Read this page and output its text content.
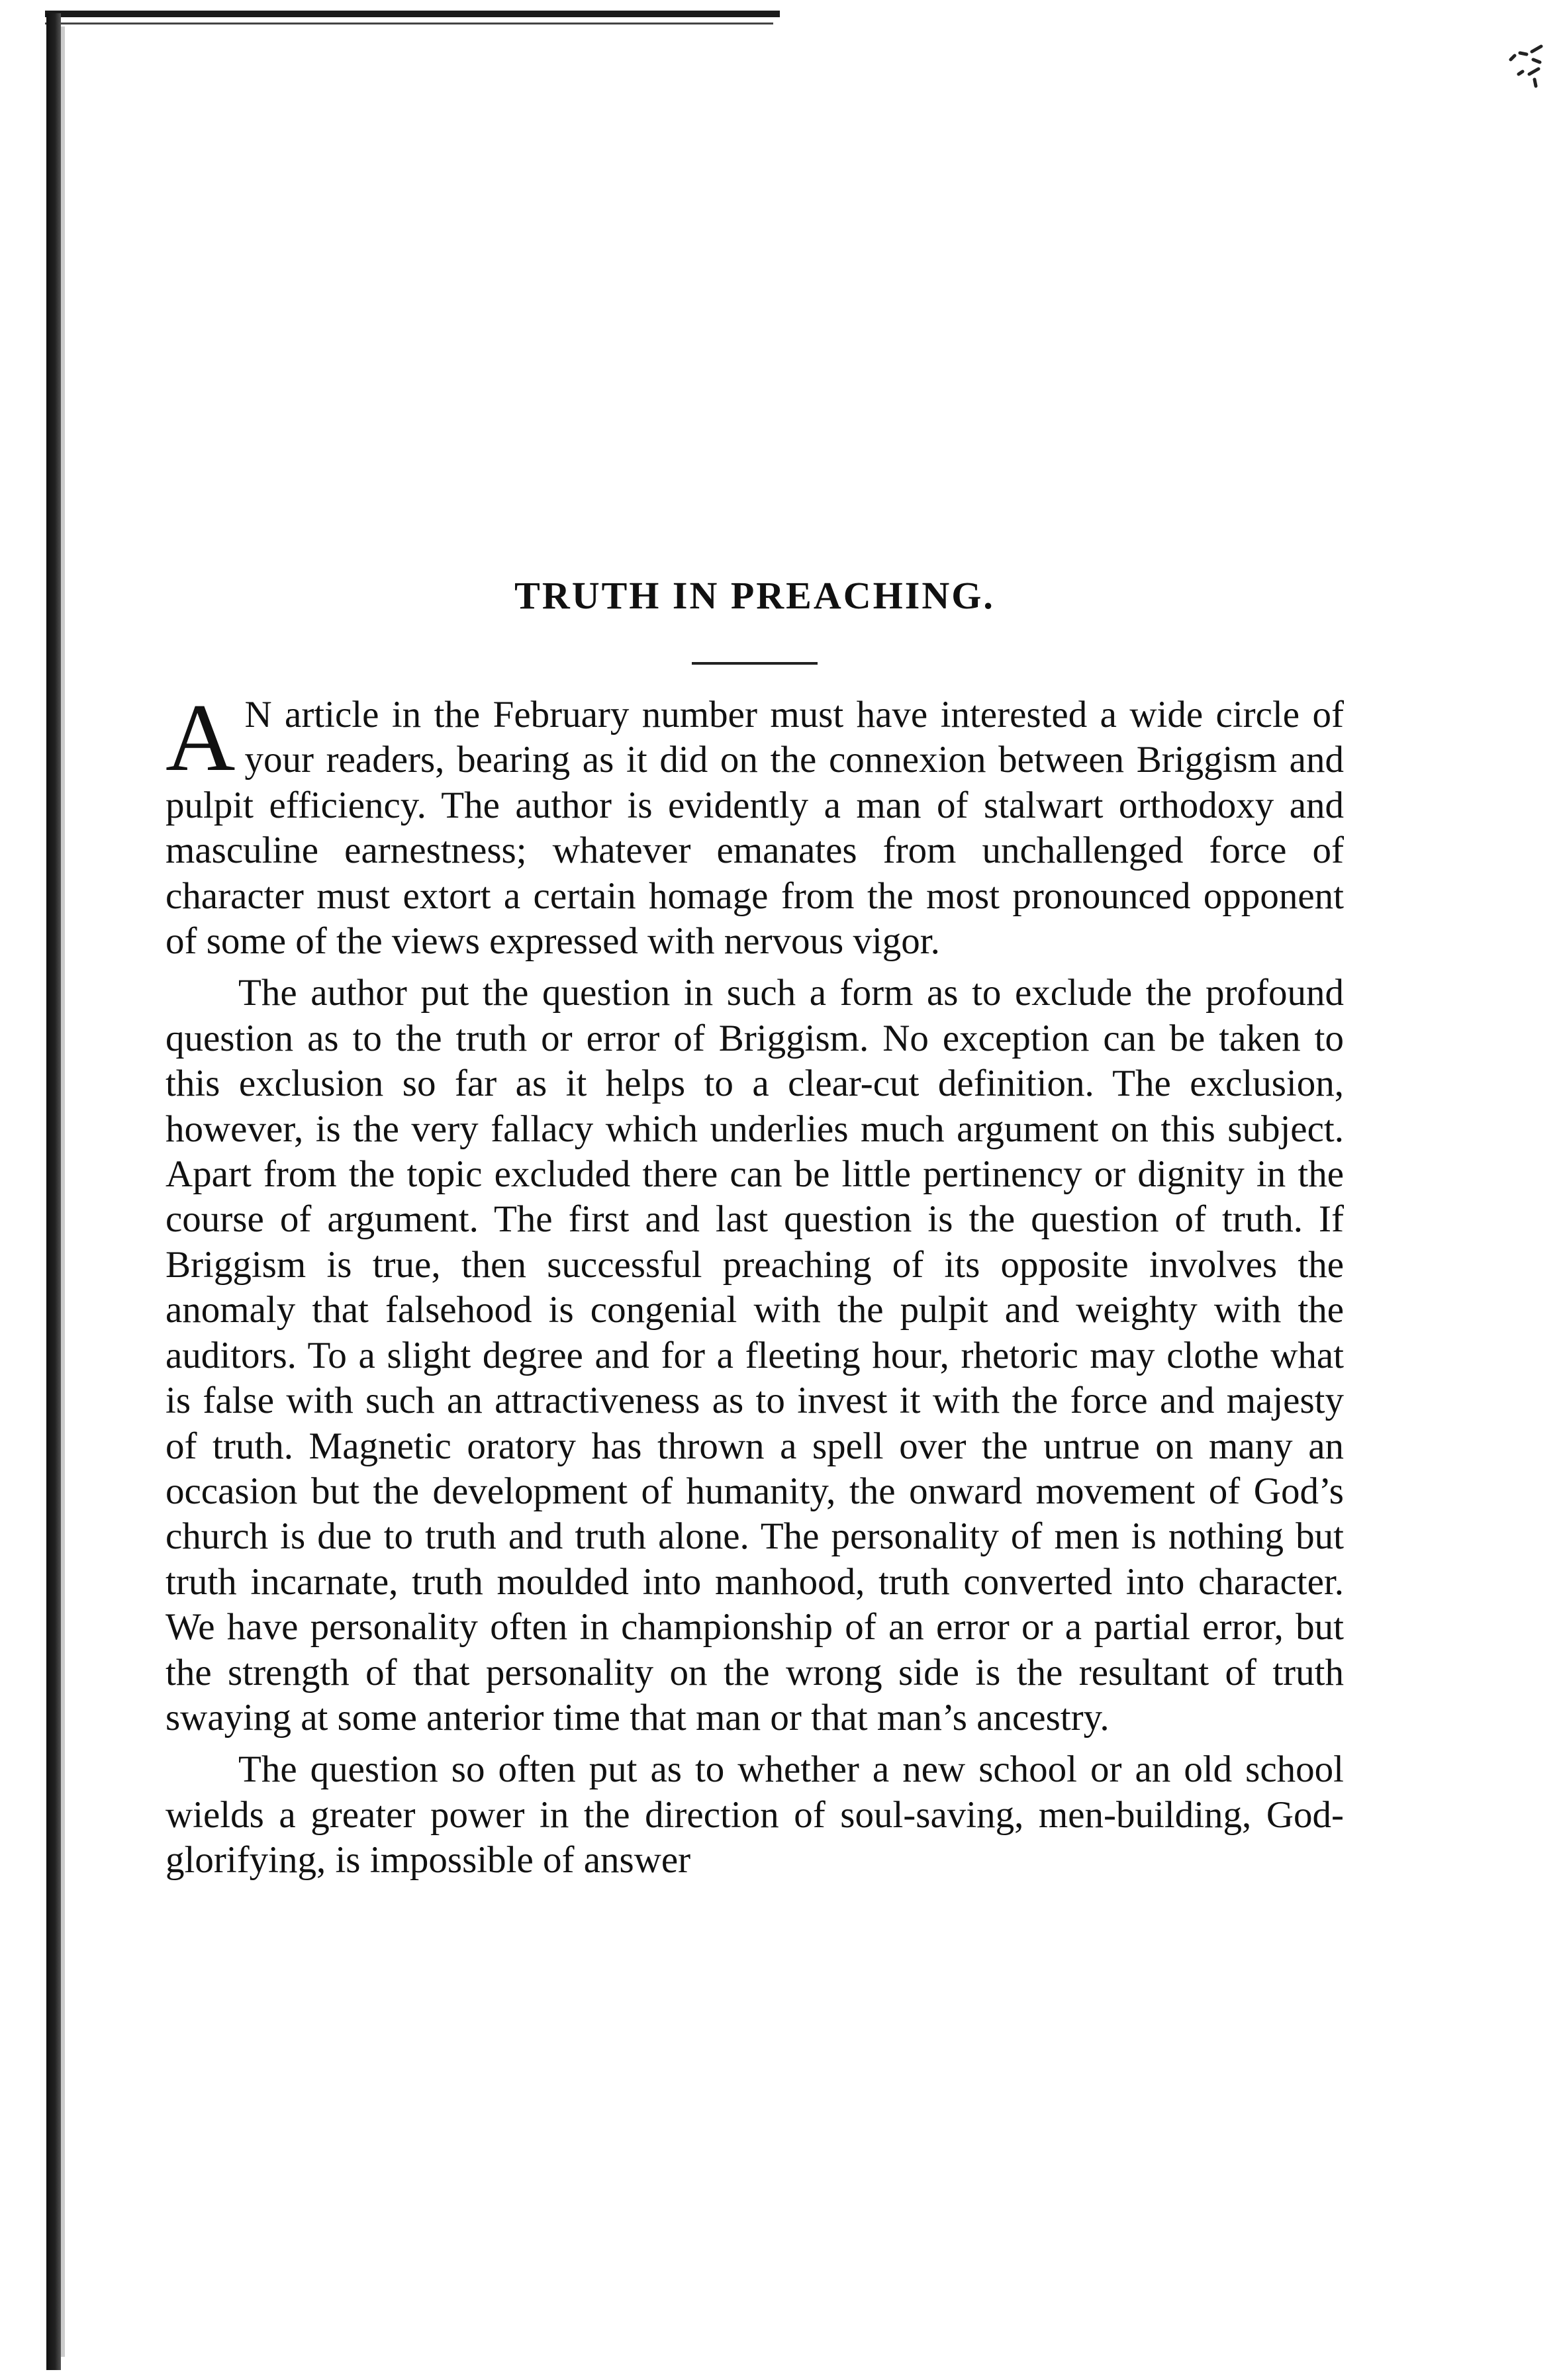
TRUTH IN PREACHING.

A N article in the February number must have interested a wide circle of your readers, bearing as it did on the connexion between Briggism and pulpit efficiency. The author is evidently a man of stalwart orthodoxy and masculine earnestness; whatever emanates from unchallenged force of character must extort a certain homage from the most pronounced opponent of some of the views expressed with nervous vigor.

The author put the question in such a form as to exclude the profound question as to the truth or error of Briggism. No exception can be taken to this exclusion so far as it helps to a clear-cut definition. The exclusion, however, is the very fallacy which underlies much argument on this subject. Apart from the topic excluded there can be little pertinency or dignity in the course of argument. The first and last question is the question of truth. If Briggism is true, then successful preaching of its opposite involves the anomaly that falsehood is congenial with the pulpit and weighty with the auditors. To a slight degree and for a fleeting hour, rhetoric may clothe what is false with such an attractiveness as to invest it with the force and majesty of truth. Magnetic oratory has thrown a spell over the untrue on many an occasion but the development of humanity, the onward movement of God’s church is due to truth and truth alone. The personality of men is nothing but truth incarnate, truth moulded into manhood, truth converted into character. We have personality often in championship of an error or a partial error, but the strength of that personality on the wrong side is the resultant of truth swaying at some anterior time that man or that man’s ancestry.

The question so often put as to whether a new school or an old school wields a greater power in the direction of soul-saving, men-building, God-glorifying, is impossible of answer
